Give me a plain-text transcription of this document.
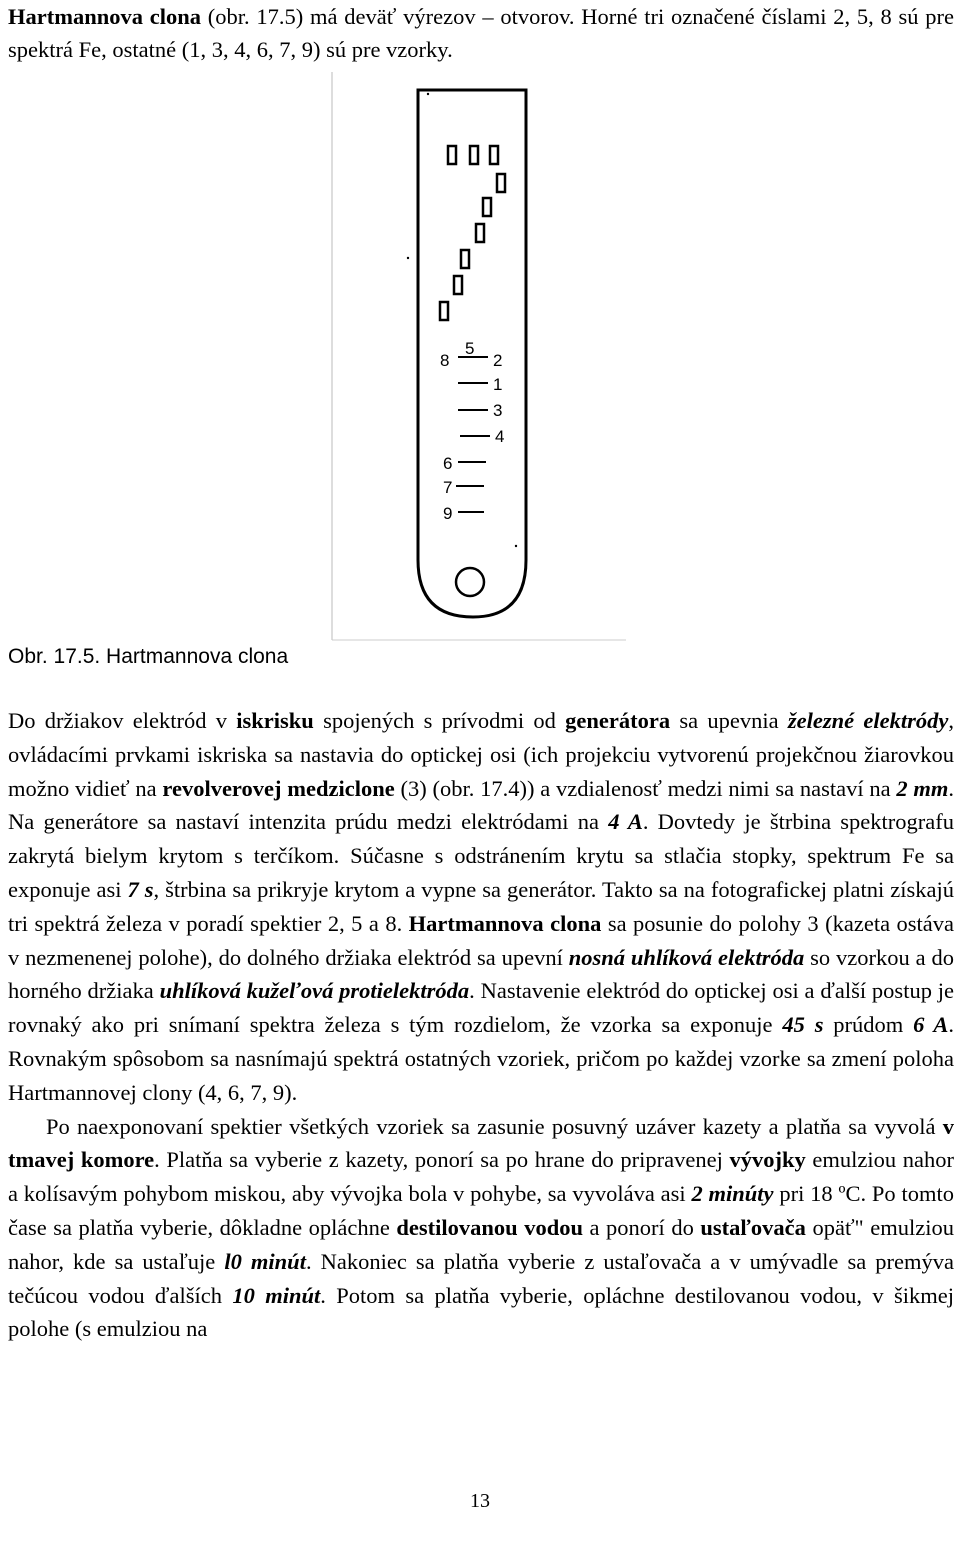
Hartmannova clona (obr. 17.5) má deväť výrezov – otvorov. Horné tri označené číslami 2, 5, 8 sú pre spektrá Fe, ostatné (1, 3, 4, 6, 7, 9) sú pre vzorky.

5
8	2
1
3
4
6
7
9

Obr. 17.5. Hartmannova clona

Do držiakov elektród v iskrisku spojených s prívodmi od generátora sa upevnia železné elektródy, ovládacími prvkami iskriska sa nastavia do optickej osi (ich projekciu vytvorenú projekčnou žiarovkou možno vidieť na revolverovej medziclone (3) (obr. 17.4)) a vzdialenosť medzi nimi sa nastaví na 2 mm. Na generátore sa nastaví intenzita prúdu medzi elektródami na 4 A. Dovtedy je štrbina spektrografu zakrytá bielym krytom s terčíkom. Súčasne s odstránením krytu sa stlačia stopky, spektrum Fe sa exponuje asi 7 s, štrbina sa prikryje krytom a vypne sa generátor. Takto sa na fotografickej platni získajú tri spektrá železa v poradí spektier 2, 5 a 8. Hartmannova clona sa posunie do polohy 3 (kazeta ostáva v nezmenenej polohe), do dolného držiaka elektród sa upevní nosná uhlíková elektróda so vzorkou a do horného držiaka uhlíková kužeľová protielektróda. Nastavenie elektród do optickej osi a ďalší postup je rovnaký ako pri snímaní spektra železa s tým rozdielom, že vzorka sa exponuje 45 s prúdom 6 A. Rovnakým spôsobom sa nasnímajú spektrá ostatných vzoriek, pričom po každej vzorke sa zmení poloha Hartmannovej clony (4, 6, 7, 9).

Po naexponovaní spektier všetkých vzoriek sa zasunie posuvný uzáver kazety a platňa sa vyvolá v tmavej komore. Platňa sa vyberie z kazety, ponorí sa po hrane do pripravenej vývojky emulziou nahor a kolísavým pohybom miskou, aby vývojka bola v pohybe, sa vyvoláva asi 2 minúty pri 18 ºC. Po tomto čase sa platňa vyberie, dôkladne opláchne destilovanou vodou a ponorí do ustaľovača opäť" emulziou nahor, kde sa ustaľuje l0 minút. Nakoniec sa platňa vyberie z ustaľovača a v umývadle sa premýva tečúcou vodou ďalších 10 minút. Potom sa platňa vyberie, opláchne destilovanou vodou, v šikmej polohe (s emulziou na

13
